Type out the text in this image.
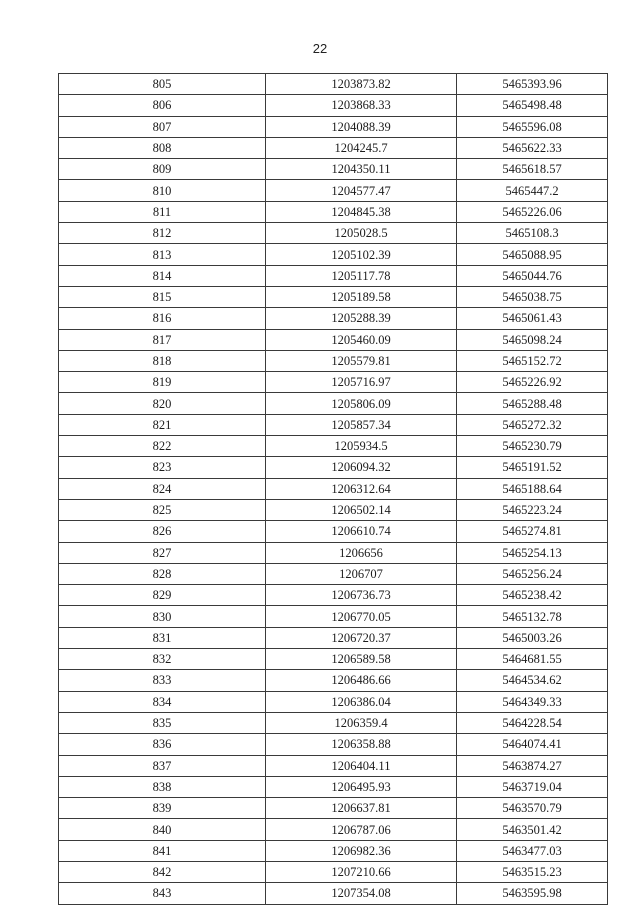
22
805	1203873.82	5465393.96
806	1203868.33	5465498.48
807	1204088.39	5465596.08
808	1204245.7	5465622.33
809	1204350.11	5465618.57
810	1204577.47	5465447.2
811	1204845.38	5465226.06
812	1205028.5	5465108.3
813	1205102.39	5465088.95
814	1205117.78	5465044.76
815	1205189.58	5465038.75
816	1205288.39	5465061.43
817	1205460.09	5465098.24
818	1205579.81	5465152.72
819	1205716.97	5465226.92
820	1205806.09	5465288.48
821	1205857.34	5465272.32
822	1205934.5	5465230.79
823	1206094.32	5465191.52
824	1206312.64	5465188.64
825	1206502.14	5465223.24
826	1206610.74	5465274.81
827	1206656	5465254.13
828	1206707	5465256.24
829	1206736.73	5465238.42
830	1206770.05	5465132.78
831	1206720.37	5465003.26
832	1206589.58	5464681.55
833	1206486.66	5464534.62
834	1206386.04	5464349.33
835	1206359.4	5464228.54
836	1206358.88	5464074.41
837	1206404.11	5463874.27
838	1206495.93	5463719.04
839	1206637.81	5463570.79
840	1206787.06	5463501.42
841	1206982.36	5463477.03
842	1207210.66	5463515.23
843	1207354.08	5463595.98
